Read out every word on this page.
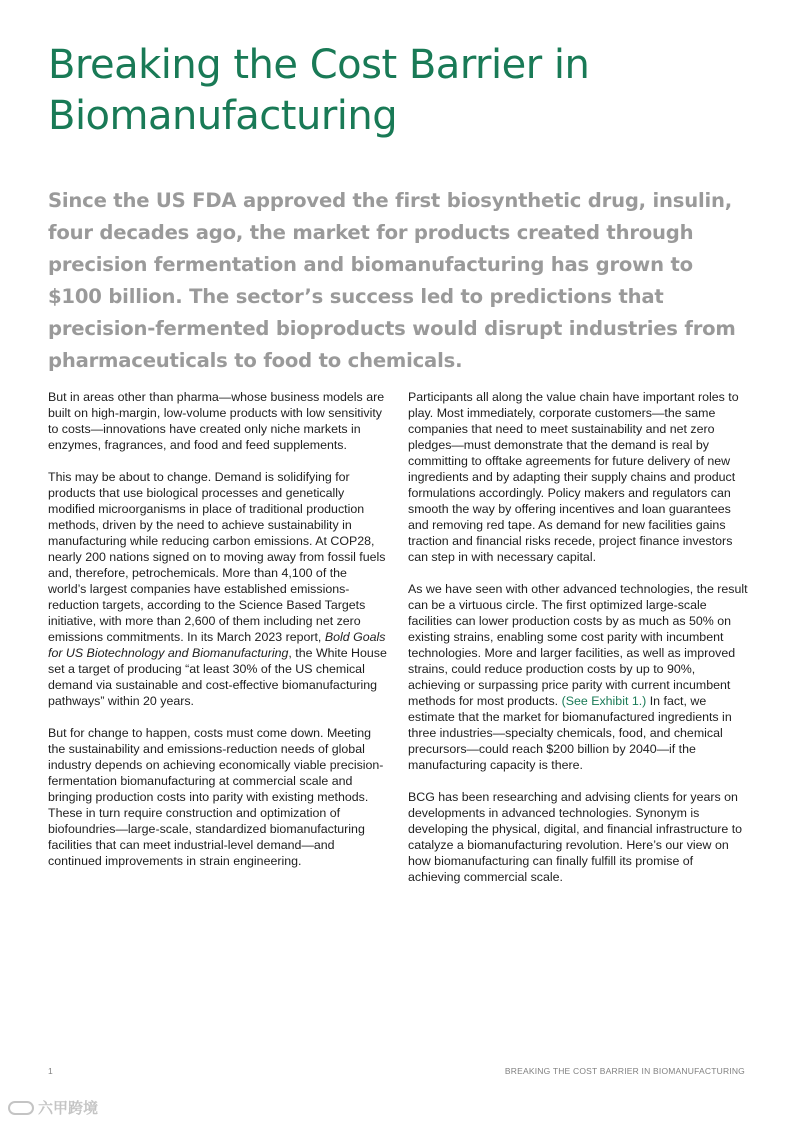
Breaking the Cost Barrier in Biomanufacturing

Since the US FDA approved the first biosynthetic drug, insulin, four decades ago, the market for products created through precision fermentation and biomanufacturing has grown to $100 billion. The sector’s success led to predictions that precision-fermented bioproducts would disrupt industries from pharmaceuticals to food to chemicals.

But in areas other than pharma—whose business models are built on high-margin, low-volume products with low sensitivity to costs—innovations have created only niche markets in enzymes, fragrances, and food and feed supplements.

This may be about to change. Demand is solidifying for products that use biological processes and genetically modified microorganisms in place of traditional production methods, driven by the need to achieve sustainability in manufacturing while reducing carbon emissions. At COP28, nearly 200 nations signed on to moving away from fossil fuels and, therefore, petrochemicals. More than 4,100 of the world’s largest companies have established emissions-reduction targets, according to the Science Based Targets initiative, with more than 2,600 of them including net zero emissions commitments. In its March 2023 report, Bold Goals for US Biotechnology and Biomanufacturing, the White House set a target of producing “at least 30% of the US chemical demand via sustainable and cost-effective biomanufacturing pathways” within 20 years.

But for change to happen, costs must come down. Meeting the sustainability and emissions-reduction needs of global industry depends on achieving economically viable precision-fermentation biomanufacturing at commercial scale and bringing production costs into parity with existing methods. These in turn require construction and optimization of biofoundries—large-scale, standardized biomanufacturing facilities that can meet industrial-level demand—and continued improvements in strain engineering.

Participants all along the value chain have important roles to play. Most immediately, corporate customers—the same companies that need to meet sustainability and net zero pledges—must demonstrate that the demand is real by committing to offtake agreements for future delivery of new ingredients and by adapting their supply chains and product formulations accordingly. Policy makers and regulators can smooth the way by offering incentives and loan guarantees and removing red tape. As demand for new facilities gains traction and financial risks recede, project finance investors can step in with necessary capital.

As we have seen with other advanced technologies, the result can be a virtuous circle. The first optimized large-scale facilities can lower production costs by as much as 50% on existing strains, enabling some cost parity with incumbent technologies. More and larger facilities, as well as improved strains, could reduce production costs by up to 90%, achieving or surpassing price parity with current incumbent methods for most products. (See Exhibit 1.) In fact, we estimate that the market for biomanufactured ingredients in three industries—specialty chemicals, food, and chemical precursors—could reach $200 billion by 2040—if the manufacturing capacity is there.

BCG has been researching and advising clients for years on developments in advanced technologies. Synonym is developing the physical, digital, and financial infrastructure to catalyze a biomanufacturing revolution. Here’s our view on how biomanufacturing can finally fulfill its promise of achieving commercial scale.

1	BREAKING THE COST BARRIER IN BIOMANUFACTURING
六甲跨境
